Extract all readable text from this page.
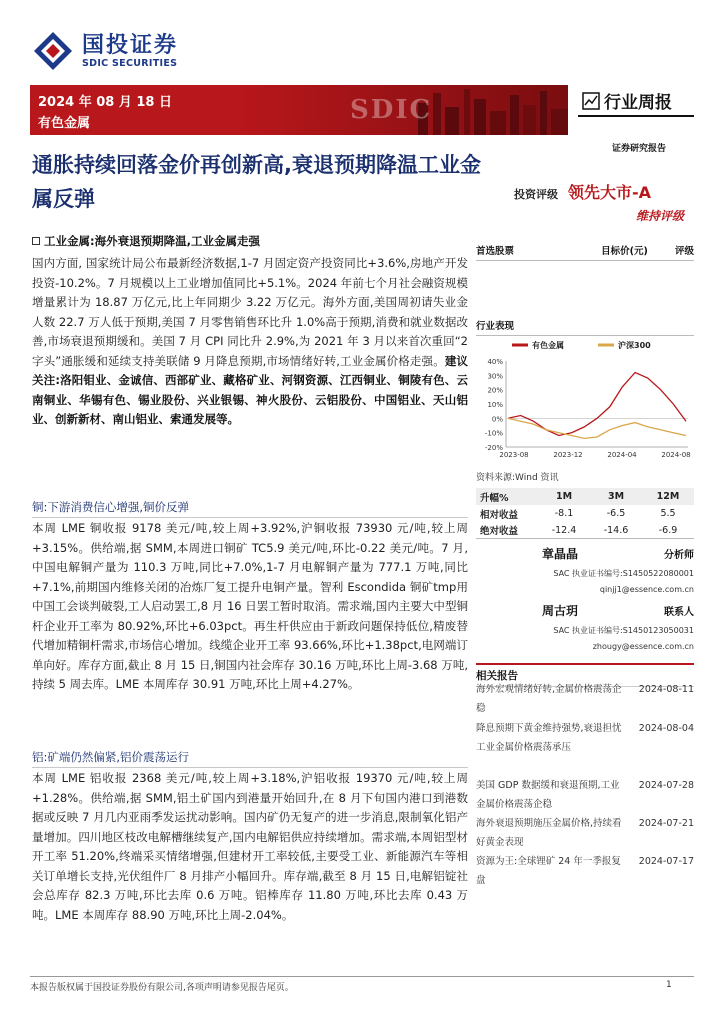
国投证券
SDIC SECURITIES
2024 年 08 月 18 日
有色金属	SDIC	行业周报
证券研究报告
通胀持续回落金价再创新高,衰退预期降温工业金属反弹	投资评级 领先大市-A
维持评级
工业金属:海外衰退预期降温,工业金属走强
国内方面, 国家统计局公布最新经济数据,1-7 月固定资产投资同比+3.6%,房地产开发投资-10.2%。7 月规模以上工业增加值同比+5.1%。2024 年前七个月社会融资规模增量累计为 18.87 万亿元,比上年同期少 3.22 万亿元。海外方面,美国周初请失业金人数 22.7 万人低于预期,美国 7 月零售销售环比升 1.0%高于预期,消费和就业数据改善,市场衰退预期缓和。美国 7 月 CPI 同比升 2.9%,为 2021 年 3 月以来首次重回“2 字头”通胀缓和延续支持美联储 9 月降息预期,市场情绪好转,工业金属价格走强。建议关注:洛阳钼业、金诚信、西部矿业、藏格矿业、河钢资源、江西铜业、铜陵有色、云南铜业、华锡有色、锡业股份、兴业银锡、神火股份、云铝股份、中国铝业、天山铝业、创新新材、南山铝业、索通发展等。
铜:下游消费信心增强,铜价反弹
本周 LME 铜收报 9178 美元/吨,较上周+3.92%,沪铜收报 73930 元/吨,较上周+3.15%。供给端,据 SMM,本周进口铜矿 TC5.9 美元/吨,环比-0.22 美元/吨。7 月,中国电解铜产量为 110.3 万吨,同比+7.0%,1-7 月电解铜产量为 777.1 万吨,同比+7.1%,前期国内维修关闭的冶炼厂复工提升电铜产量。智利 Escondida 铜矿tmp用中国工会谈判破裂,工人启动罢工,8 月 16 日罢工暂时取消。需求端,国内主要大中型铜杆企业开工率为 80.92%,环比+6.03pct。再生杆供应由于新政问题保持低位,精废替代增加精铜杆需求,市场信心增加。线缆企业开工率 93.66%,环比+1.38pct,电网端订单向好。库存方面,截止 8 月 15 日,铜国内社会库存 30.16 万吨,环比上周-3.68 万吨,持续 5 周去库。LME 本周库存 30.91 万吨,环比上周+4.27%。
铝:矿端仍然偏紧,铝价震荡运行
本周 LME 铝收报 2368 美元/吨,较上周+3.18%,沪铝收报 19370 元/吨,较上周+1.28%。供给端,据 SMM,铝土矿国内到港量开始回升,在 8 月下旬国内港口到港数据或反映 7 月几内亚雨季发运扰动影响。国内矿仍无复产的进一步消息,限制氧化铝产量增加。四川地区枝改电解槽继续复产,国内电解铝供应持续增加。需求端,本周铝型材开工率 51.20%,终端采买情绪增强,但建材开工率较低,主要受工业、新能源汽车等相关订单增长支持,光伏组件厂 8 月排产小幅回升。库存端,截至 8 月 15 日,电解铝锭社会总库存 82.3 万吨,环比去库 0.6 万吨。铝棒库存 11.80 万吨,环比去库 0.43 万吨。LME 本周库存 88.90 万吨,环比上周-2.04%。
首选股票	目标价(元)	评级
行业表现
有色金属	沪深300
40%
30%
20%
10%
0%
-10%
-20%
2023-08	2023-12	2024-04	2024-08
资料来源:Wind 资讯
升幅%	1M	3M	12M
相对收益	-8.1	-6.5	5.5
绝对收益	-12.4	-14.6	-6.9
章晶晶	分析师
SAC 执业证书编号:S1450522080001
qinjj1@essence.com.cn
周古玥	联系人
SAC 执业证书编号:S1450123050031
zhougy@essence.com.cn
相关报告
海外宏观情绪好转,金属价格震荡企稳
2024-08-11
降息预期下黄金维持强势,衰退担忧工业金属价格震荡承压
2024-08-04
美国 GDP 数据缓和衰退预期,工业金属价格震荡企稳
2024-07-28
海外衰退预期施压金属价格,持续看好黄金表现
2024-07-21
资源为王:全球锂矿 24 年一季报复盘
2024-07-17
本报告版权属于国投证券股份有限公司,各项声明请参见报告尾页。	1
